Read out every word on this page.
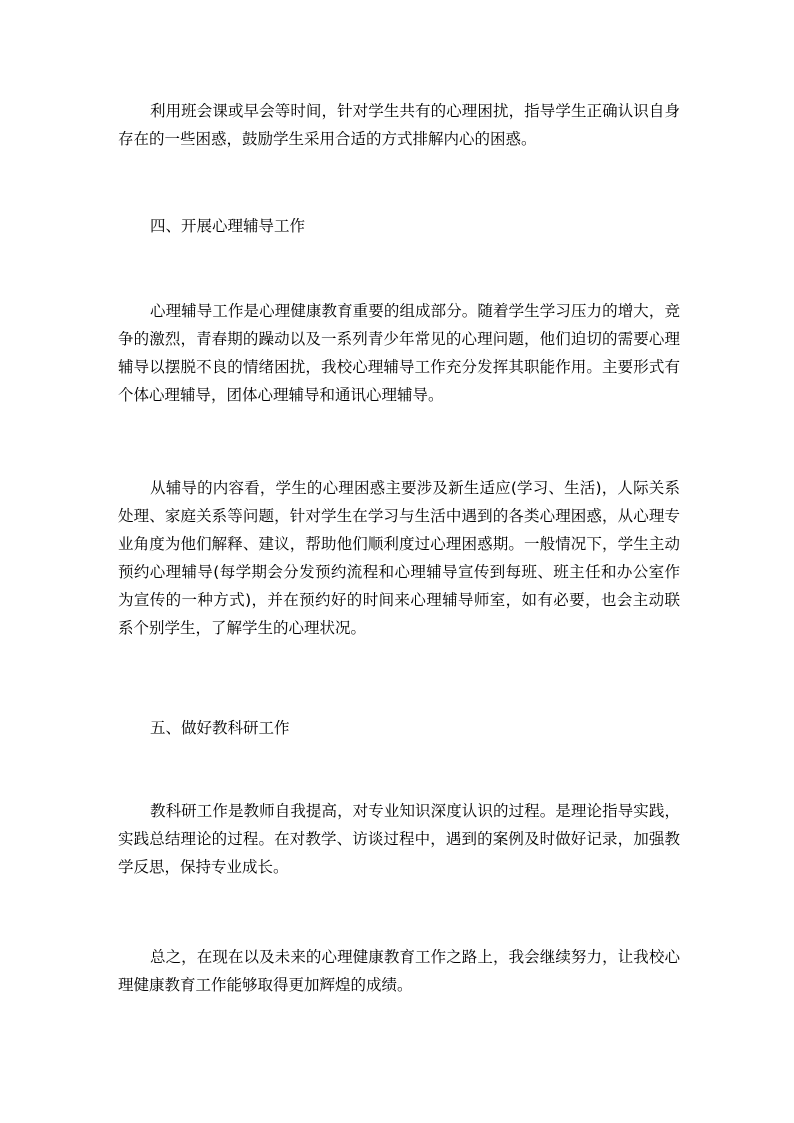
利用班会课或早会等时间，针对学生共有的心理困扰，指导学生正确认识自身存在的一些困惑，鼓励学生采用合适的方式排解内心的困惑。

四、开展心理辅导工作

心理辅导工作是心理健康教育重要的组成部分。随着学生学习压力的增大，竞争的激烈，青春期的躁动以及一系列青少年常见的心理问题，他们迫切的需要心理辅导以摆脱不良的情绪困扰，我校心理辅导工作充分发挥其职能作用。主要形式有个体心理辅导，团体心理辅导和通讯心理辅导。

从辅导的内容看，学生的心理困惑主要涉及新生适应(学习、生活)，人际关系处理、家庭关系等问题，针对学生在学习与生活中遇到的各类心理困惑，从心理专业角度为他们解释、建议，帮助他们顺利度过心理困惑期。一般情况下，学生主动预约心理辅导(每学期会分发预约流程和心理辅导宣传到每班、班主任和办公室作为宣传的一种方式)，并在预约好的时间来心理辅导师室，如有必要，也会主动联系个别学生，了解学生的心理状况。

五、做好教科研工作

教科研工作是教师自我提高，对专业知识深度认识的过程。是理论指导实践，实践总结理论的过程。在对教学、访谈过程中，遇到的案例及时做好记录，加强教学反思，保持专业成长。

总之，在现在以及未来的心理健康教育工作之路上，我会继续努力，让我校心理健康教育工作能够取得更加辉煌的成绩。
